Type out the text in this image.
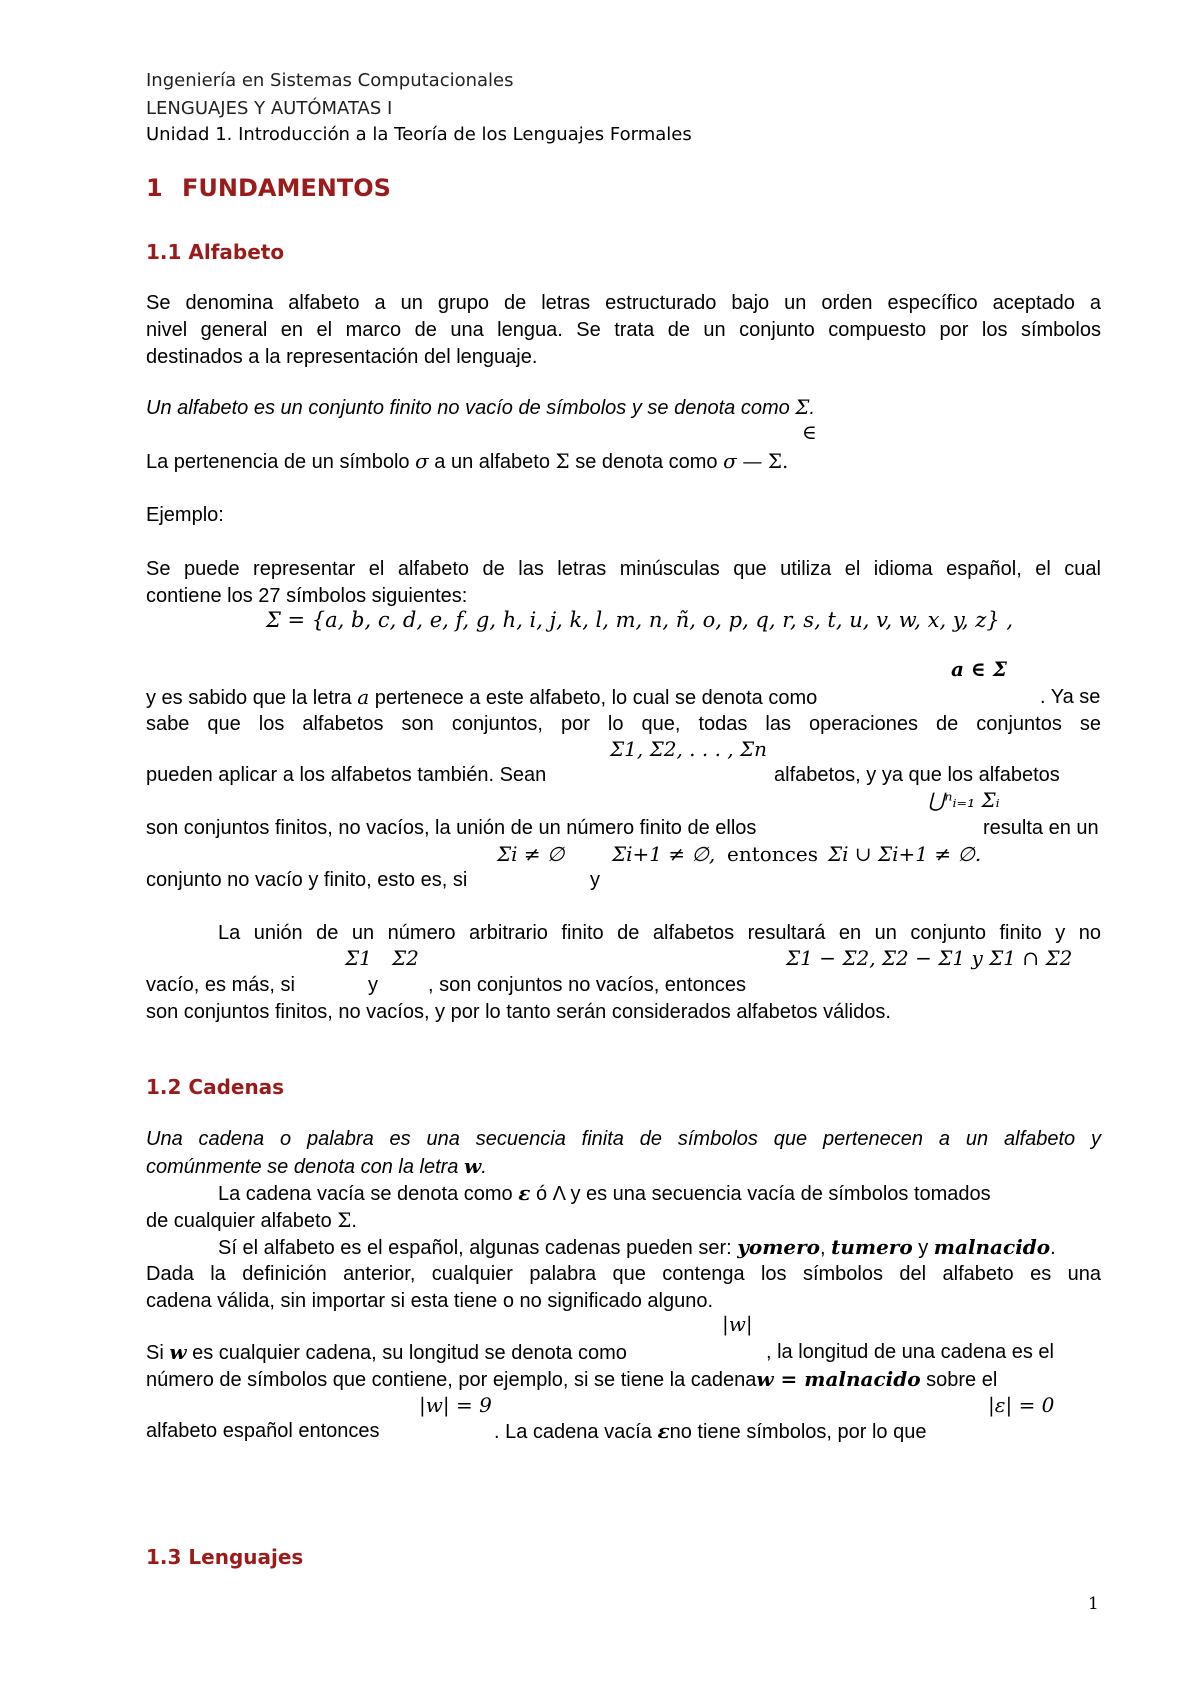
Ingeniería en Sistemas Computacionales
LENGUAJES Y AUTÓMATAS I
Unidad 1. Introducción a la Teoría de los Lenguajes Formales
1 FUNDAMENTOS
1.1 Alfabeto
Se denomina alfabeto a un grupo de letras estructurado bajo un orden específico aceptado a
nivel general en el marco de una lengua. Se trata de un conjunto compuesto por los símbolos
destinados a la representación del lenguaje.
Un alfabeto es un conjunto finito no vacío de símbolos y se denota como Σ.
∈
La pertenencia de un símbolo σ a un alfabeto Σ se denota como σ — Σ.
Ejemplo:
Se puede representar el alfabeto de las letras minúsculas que utiliza el idioma español, el cual
contiene los 27 símbolos siguientes:
Σ = {a, b, c, d, e, f, g, h, i, j, k, l, m, n, ñ, o, p, q, r, s, t, u, v, w, x, y, z} ,
a ∈ Σ
y es sabido que la letra a pertenece a este alfabeto, lo cual se denota como	. Ya se
sabe que los alfabetos son conjuntos, por lo que, todas las operaciones de conjuntos se
Σ1, Σ2, . . . , Σn
pueden aplicar a los alfabetos también. Sean	alfabetos, y ya que los alfabetos
⋃ⁿᵢ₌₁ Σᵢ
son conjuntos finitos, no vacíos, la unión de un número finito de ellos	resulta en un
Σi ≠ ∅ Σi+1 ≠ ∅, entonces Σi ∪ Σi+1 ≠ ∅.
conjunto no vacío y finito, esto es, si	y
La unión de un número arbitrario finito de alfabetos resultará en un conjunto finito y no
Σ1 Σ2	Σ1 − Σ2, Σ2 − Σ1 y Σ1 ∩ Σ2
vacío, es más, si	y	, son conjuntos no vacíos, entonces
son conjuntos finitos, no vacíos, y por lo tanto serán considerados alfabetos válidos.
1.2 Cadenas
Una cadena o palabra es una secuencia finita de símbolos que pertenecen a un alfabeto y
comúnmente se denota con la letra w.
La cadena vacía se denota como ε ó Λ y es una secuencia vacía de símbolos tomados
de cualquier alfabeto Σ.
Sí el alfabeto es el español, algunas cadenas pueden ser: yomero, tumero y malnacido.
Dada la definición anterior, cualquier palabra que contenga los símbolos del alfabeto es una
cadena válida, sin importar si esta tiene o no significado alguno.
|w|
Si w es cualquier cadena, su longitud se denota como	, la longitud de una cadena es el
número de símbolos que contiene, por ejemplo, si se tiene la cadenaw = malnacido sobre el
|w| = 9	|ε| = 0
alfabeto español entonces	. La cadena vacía εno tiene símbolos, por lo que
1.3 Lenguajes
1
